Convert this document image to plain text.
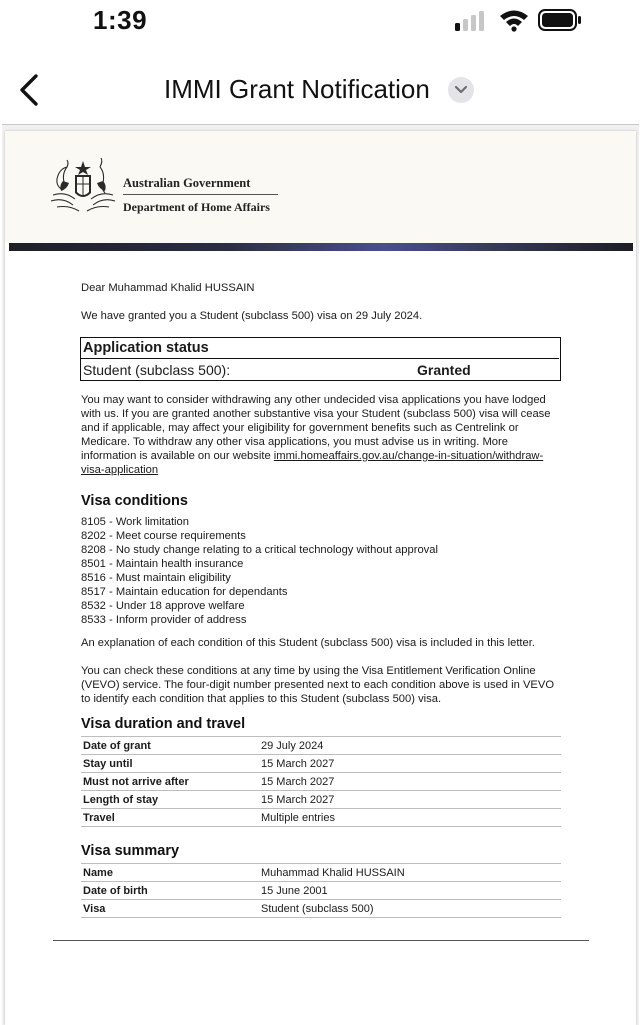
1:39
IMMI Grant Notification
Australian Government
Department of Home Affairs
Dear Muhammad Khalid HUSSAIN
We have granted you a Student (subclass 500) visa on 29 July 2024.
Application status
Student (subclass 500):	Granted

You may want to consider withdrawing any other undecided visa applications you have lodged with us. If you are granted another substantive visa your Student (subclass 500) visa will cease and if applicable, may affect your eligibility for government benefits such as Centrelink or Medicare. To withdraw any other visa applications, you must advise us in writing. More information is available on our website immi.homeaffairs.gov.au/change-in-situation/withdraw-visa-application

Visa conditions
8105 - Work limitation
8202 - Meet course requirements
8208 - No study change relating to a critical technology without approval
8501 - Maintain health insurance
8516 - Must maintain eligibility
8517 - Maintain education for dependants
8532 - Under 18 approve welfare
8533 - Inform provider of address
An explanation of each condition of this Student (subclass 500) visa is included in this letter.
You can check these conditions at any time by using the Visa Entitlement Verification Online (VEVO) service. The four-digit number presented next to each condition above is used in VEVO to identify each condition that applies to this Student (subclass 500) visa.
Visa duration and travel
Date of grant	29 July 2024
Stay until	15 March 2027
Must not arrive after	15 March 2027
Length of stay	15 March 2027
Travel	Multiple entries
Visa summary
Name	Muhammad Khalid HUSSAIN
Date of birth	15 June 2001
Visa	Student (subclass 500)
